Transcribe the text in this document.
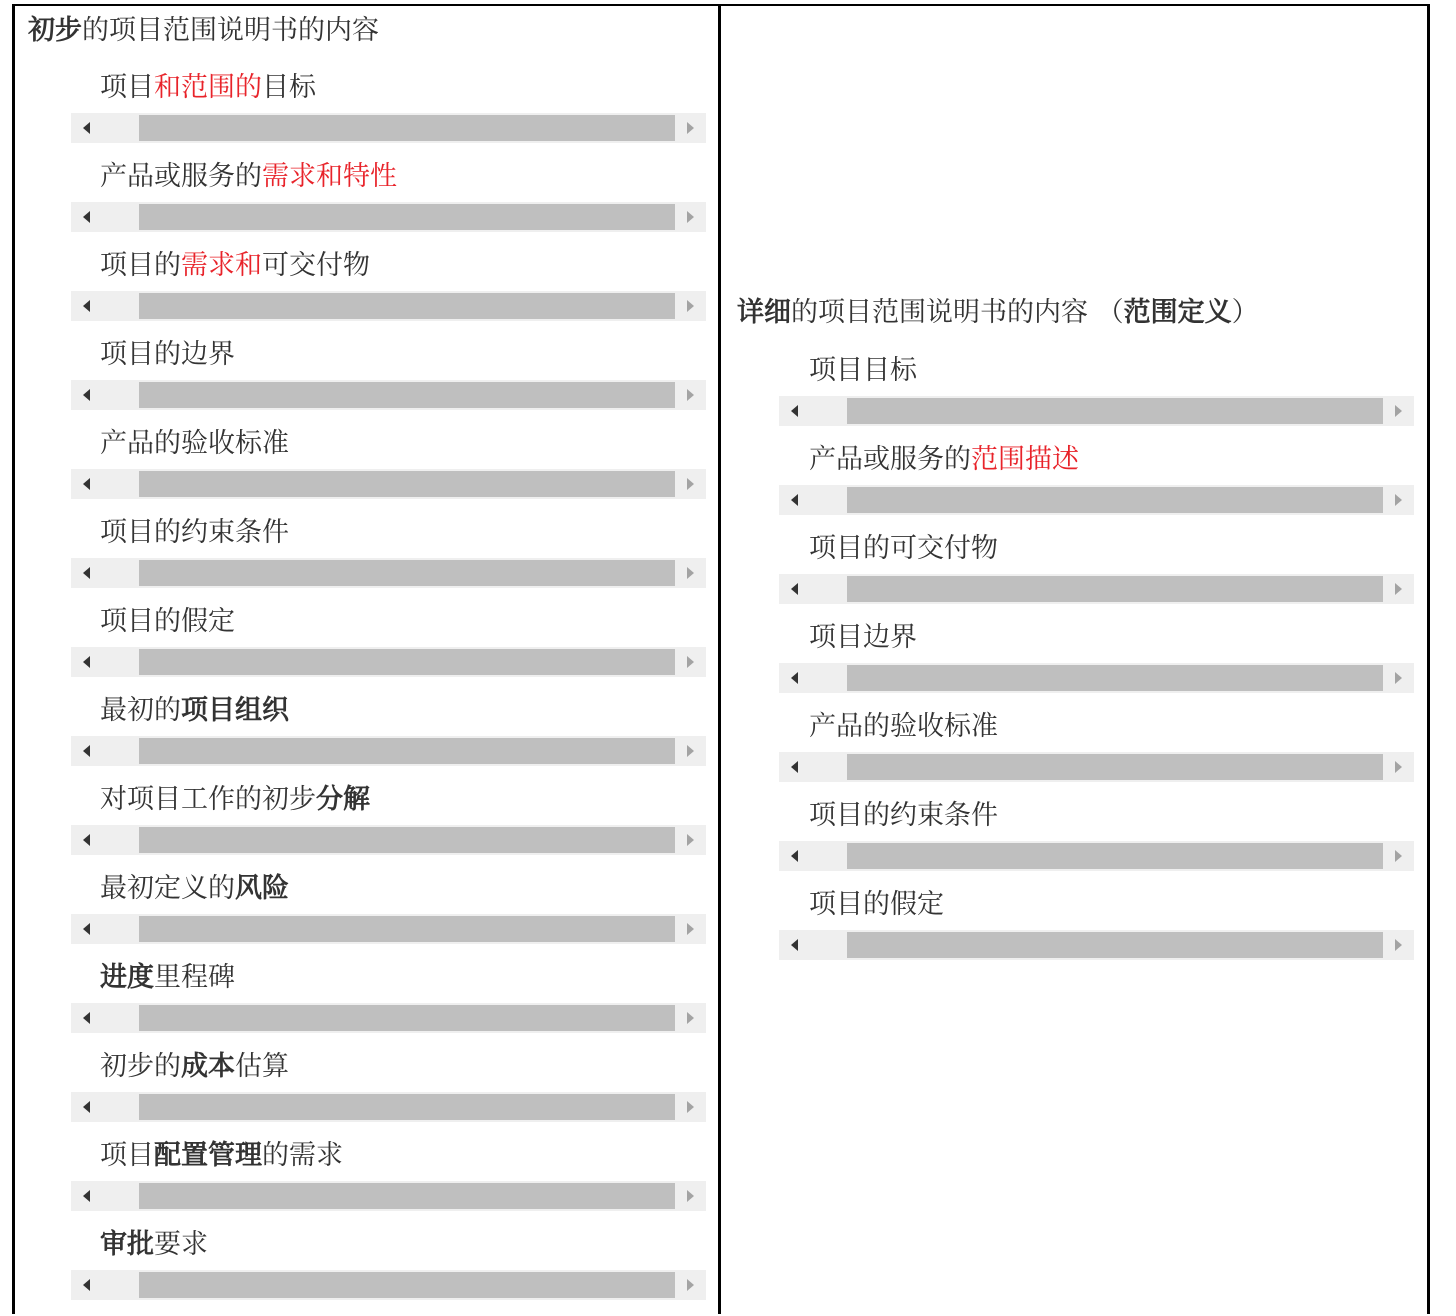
初步的项目范围说明书的内容
项目和范围的目标
产品或服务的需求和特性
项目的需求和可交付物
项目的边界
产品的验收标准
项目的约束条件
项目的假定
最初的项目组织
对项目工作的初步分解
最初定义的风险
进度里程碑
初步的成本估算
项目配置管理的需求
审批要求
详细的项目范围说明书的内容 （范围定义）
项目目标
产品或服务的范围描述
项目的可交付物
项目边界
产品的验收标准
项目的约束条件
项目的假定
